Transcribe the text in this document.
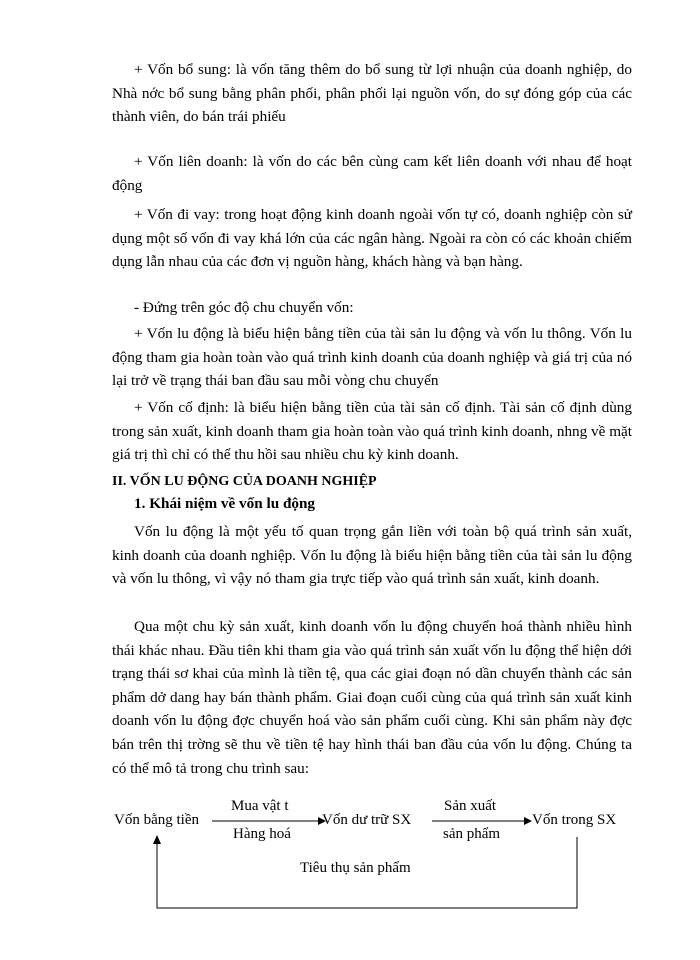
+ Vốn bổ sung: là vốn tăng thêm do bổ sung từ lợi nhuận của doanh nghiệp, do Nhà nớc bổ sung bằng phân phối, phân phối lại nguồn vốn, do sự đóng góp của các thành viên, do bán trái phiếu

+ Vốn liên doanh: là vốn do các bên cùng cam kết liên doanh với nhau để hoạt động

+ Vốn đi vay: trong hoạt động kinh doanh ngoài vốn tự có, doanh nghiệp còn sử dụng một số vốn đi vay khá lớn của các ngân hàng. Ngoài ra còn có các khoản chiếm dụng lẫn nhau của các đơn vị nguồn hàng, khách hàng và bạn hàng.

- Đứng trên góc độ chu chuyển vốn:

+ Vốn lu động là biểu hiện bằng tiền của tài sản lu động và vốn lu thông. Vốn lu động tham gia hoàn toàn vào quá trình kinh doanh của doanh nghiệp và giá trị của nó lại trở về trạng thái ban đầu sau mỗi vòng chu chuyển

+ Vốn cố định: là biểu hiện bằng tiền của tài sản cố định. Tài sản cố định dùng trong sản xuất, kinh doanh tham gia hoàn toàn vào quá trình kinh doanh, nhng về mặt giá trị thì chỉ có thể thu hồi sau nhiều chu kỳ kinh doanh.

II. VỐN LU ĐỘNG CỦA DOANH NGHIỆP
1. Khái niệm về vốn lu động

Vốn lu động là một yếu tố quan trọng gắn liền với toàn bộ quá trình sản xuất, kinh doanh của doanh nghiệp. Vốn lu động là biểu hiện bằng tiền của tài sản lu động và vốn lu thông, vì vậy nó tham gia trực tiếp vào quá trình sản xuất, kinh doanh.

Qua một chu kỳ sản xuất, kinh doanh vốn lu động chuyển hoá thành nhiều hình thái khác nhau. Đầu tiên khi tham gia vào quá trình sản xuất vốn lu động thể hiện dới trạng thái sơ khai của mình là tiền tệ, qua các giai đoạn nó dần chuyển thành các sản phẩm dở dang hay bán thành phẩm. Giai đoạn cuối cùng của quá trình sản xuất kinh doanh vốn lu động đợc chuyển hoá vào sản phẩm cuối cùng. Khi sản phẩm này đợc bán trên thị trờng sẽ thu về tiền tệ hay hình thái ban đầu của vốn lu động. Chúng ta có thể mô tả trong chu trình sau:

Vốn bằng tiền
Mua vật t
Hàng hoá
Vốn dư trữ SX
Sản xuất
sản phẩm
Vốn trong SX
Tiêu thụ sản phẩm
